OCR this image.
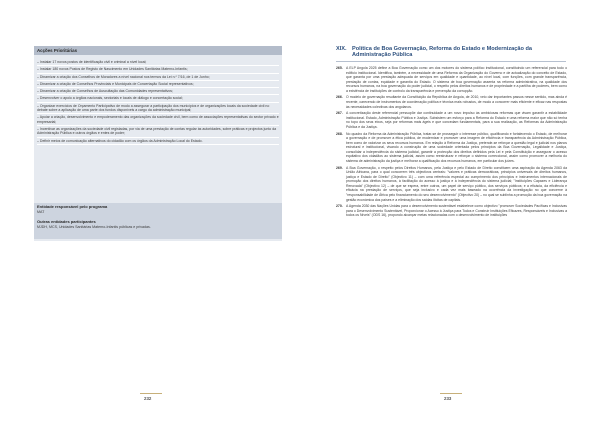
Acções Prioritárias
– Instalar 17 novos postos de identificação civil e criminal a nível local;
– Instalar 180 novos Postos de Registo de Nascimento em Unidades Sanitárias Materno-Infantis;
– Dinamizar a criação dos Conselhos de Moradores a nível nacional nos termos da Lei n.º 7/16, de 1 de Junho;
– Dinamizar a criação de Conselhos Provinciais e Municipais de Concertação Social representativos;
– Dinamizar a criação de Conselhos de Auscultação das Comunidades representativos;
– Desenvolver o apoio a órgãos nacionais, sectoriais e locais de diálogo e concertação social;
– Organizar exercícios de Orçamento Participativo de modo a assegurar a participação dos municípios e de organizações locais da sociedade civil no debate sobre a aplicação de uma parte dos fundos disponíveis a cargo da administração municipal;
– Apoiar a criação, desenvolvimento e empoderamento das organizações da sociedade civil, bem como de associações representativas do sector privado e empresarial;
– Incentivar as organizações da sociedade civil registadas, por via de uma prestação de contas regular às autoridades, sobre práticas e projectos junto da Administração Pública e outros órgãos e entes de poder;
– Definir meios de comunicação alternativos do cidadão com os órgãos da Administração Local do Estado.
Entidade responsável pelo programa
MAT
Outras entidades participantes
MJDH, MCS, Unidades Sanitárias Materno-Infantis públicas e privadas.
232
XIX. Política de Boa Governação, Reforma do Estado e Modernização da Administração Pública
265. A ELP Angola 2025 define a Boa Governação como um dos motores do sistema político institucional, constituindo um referencial para todo o edifício institucional. Identifica, também, a necessidade de uma Reforma da Organização do Governo e de actualização do conceito de Estado, que garanta por uma prestação adequada de serviços em qualidade e quantidade, ao nível local, com funções, com grande transparência, prestação de contas, equidade e garantia do Estado. O sistema de boa governação assenta na reforma administrativa, na qualidade dos recursos humanos, na boa governação do poder judicial, o respeito pelos direitos humanos e de propriedade e a partilha de poderes, bem como a existência de instituições de controlo da transparência e prevenção da corrupção.
266. O modelo de governação resultante da Constituição da República de Angola, de 2010, veio dar importantes passos nesse sentido, mas ainda é recente, carecendo de instrumentos de coordenação política e técnica mais robustos, de modo a concorrer mais eficiente e eficaz nas respostas às necessidades colectivas dos angolanos.
267. A concretização deste referencial pressupõe dar continuidade a um novo impulso às ambiciosas reformas que visam garantir a estabilidade institucional. Estado, Administração Pública e Justiça. Subsistem um esforço para a Reforma do Estado e uma reforma maior que não só tenha no topo dos seus eixos, seja por reformas mais ágeis e que concedam fundamentais, para a sua realização, as Reformas da Administração Pública e da Justiça.
268. No quadro da Reforma da Administração Pública, tratar-se de prosseguir o interesse público, qualificando e fortalecendo o Estado, de melhorar a governação e de promover a ética pública, de modernizar e promover uma imagem de eficiência e transparência da Administração Pública, bem como de valorizar os seus recursos humanos. Em relação à Reforma da Justiça, pretende-se reforçar a questão legal e judicial nos planos estrutural e institucional, visando a construção de uma sociedade orientada pelos princípios da Boa Governação, Legalidade e Justiça, consolidar a independência do sistema judicial, garantir a protecção dos direitos definidos pela Lei e pela Constituição e assegurar o acesso equitativo dos cidadãos ao sistema judicial, assim como reestruturar e reforçar o sistema correccional, assim como promover a melhoria do sistema de administração da justiça e melhorar a qualificação dos recursos humanos, em particular dos juízes.
269. A Boa Governação, o respeito pelos Direitos Humanos, pela Justiça e pelo Estado de Direito constituem uma aspiração da Agenda 2063 da União Africana, para o qual concorrem três objectivos centrais: "valores e práticas democráticas, princípios universais de direitos humanos, justiça e Estado de Direito" (Objectivo 11) – com uma referência especial ao cumprimento dos princípios e instrumentos internacionais de promoção dos direitos humanos, à facilitação do acesso à justiça e à independência do sistema judicial; "Instituições Capazes e Liderança Renovada" (Objectivo 12) – de que se espera, entre outros, um papel de serviço público, dos serviços públicos; e a eficácia, da eficiência e eficácia na prestação de serviços, que seja inclusivo e cada vez mais baseado na ocorrência da investigação no que concerne à "responsabilidade de África pelo financiamento do seu desenvolvimento" (Objectivo 20) – no qual se sublinha a promoção da boa governação na gestão económica dos países e a eliminação dos saídas ilícitas de capitais.
270. A Agenda 2030 das Nações Unidas para o desenvolvimento sustentável estabelece como objectivo "promover Sociedades Pacíficas e Inclusivas para o Desenvolvimento Sustentável, Proporcionar o Acesso à Justiça para Todos e Construir Instituições Eficazes, Responsáveis e Inclusivas a todos os Níveis" (ODS 16), propondo alcançar metas relacionadas com o desenvolvimento de instituições
233
